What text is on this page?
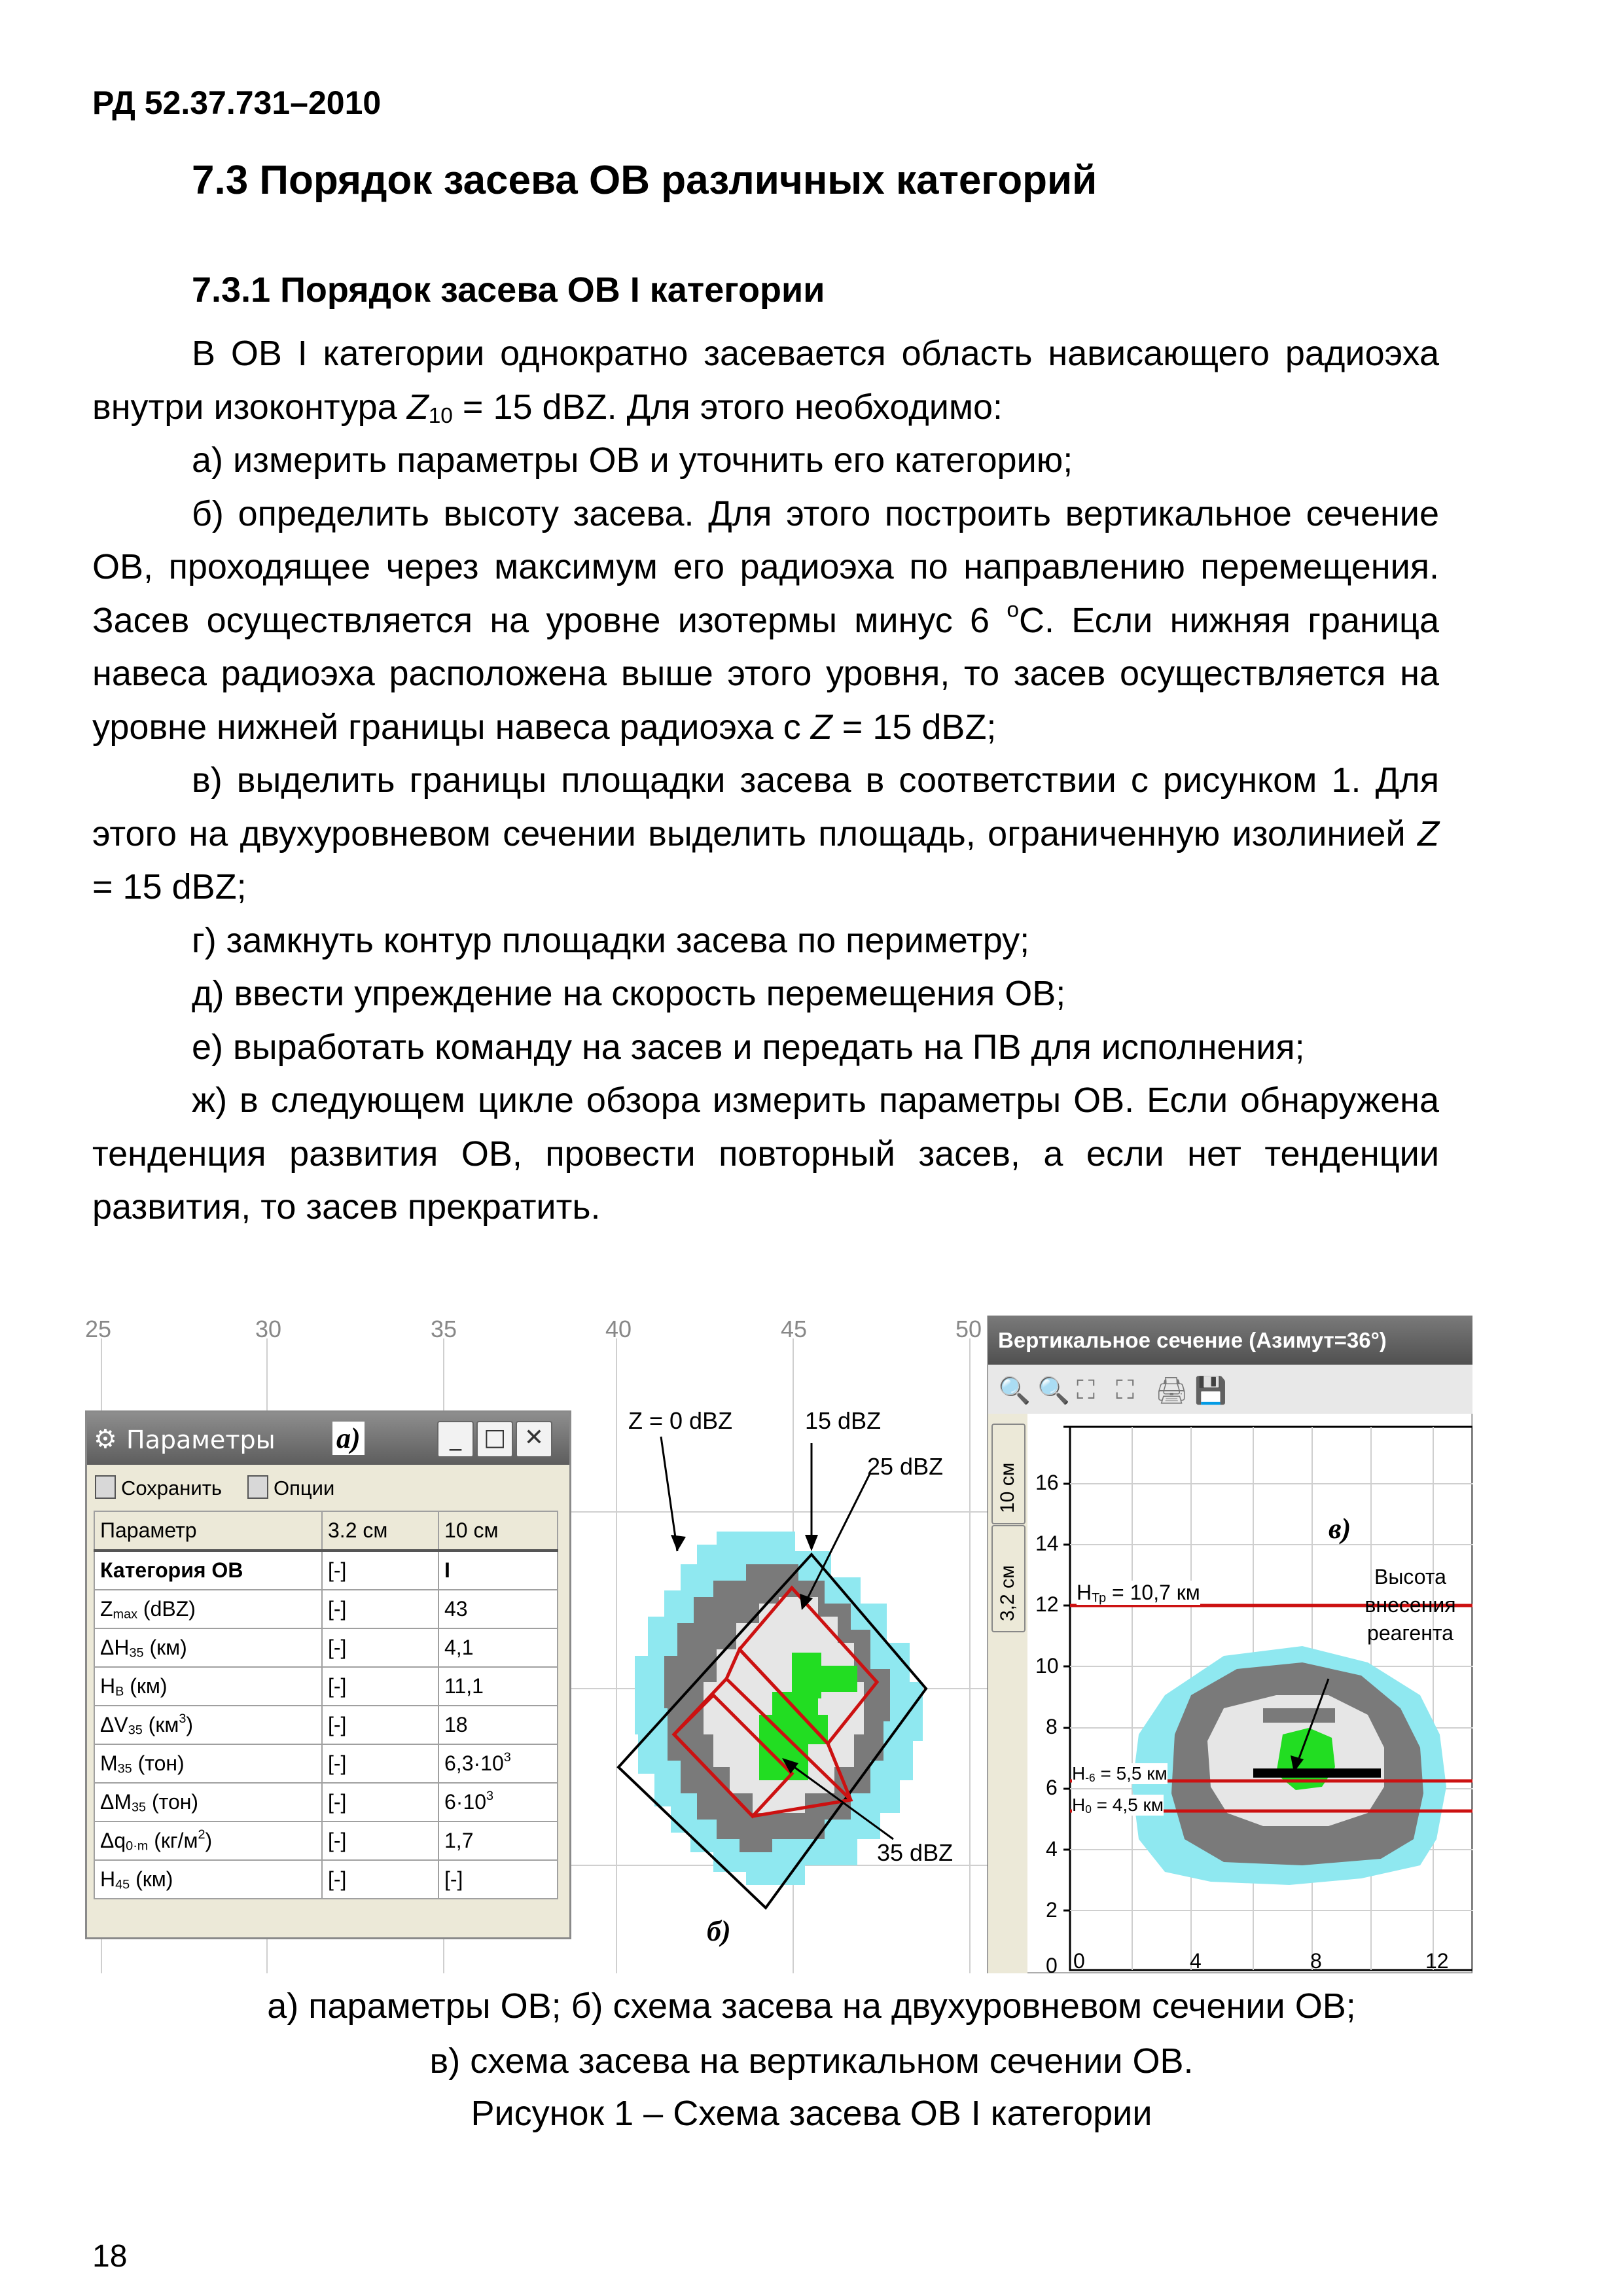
РД 52.37.731–2010
7.3 Порядок засева ОВ различных категорий
7.3.1 Порядок засева ОВ I категории

В ОВ I категории однократно засевается область нависающего радиоэха внутри изоконтура $Z_{10} = 15$ dBZ. Для этого необходимо:

а) измерить параметры ОВ и уточнить его категорию;

б) определить высоту засева. Для этого построить вертикальное сечение ОВ, проходящее через максимум его радиоэха по направлению перемещения. Засев осуществляется на уровне изотермы минус 6 $^o$С. Если нижняя граница навеса радиоэха расположена выше этого уровня, то засев осуществляется на уровне нижней границы навеса радиоэха с Z = 15 dBZ;

в) выделить границы площадки засева в соответствии с рисунком 1. Для этого на двухуровневом сечении выделить площадь, ограниченную изолинией Z = 15 dBZ;

г) замкнуть контур площадки засева по периметру;

д) ввести упреждение на скорость перемещения ОВ;

е) выработать команду на засев и передать на ПВ для исполнения;

ж) в следующем цикле обзора измерить параметры ОВ. Если обнаружена тенденция развития ОВ, провести повторный засев, а если нет тенденции развития, то засев прекратить.

25	30	35	40	45	50
⚙ Параметры а)	_ □ ✕
Сохранить	Опции
Параметр	3.2 см	10 см
Категория ОВ	[-]	I
$Z_{max}$ (dBZ)	[-]	43
$\Delta H_{35}$ (км)	[-]	4,1
$H_B$ (км)	[-]	11,1
$\Delta V_{35}$ $(км^3)$	[-]	18
$M_{35}$ (тон)	[-]	$6,3\cdot 10^3$
$\Delta M_{35}$ (тон)	[-]	$6\cdot 10^3$
$\Delta q_{0\cdot m}$ $(кг/м^2)$	[-]	1,7
$H_{45}$ (км)	[-]	[-]
Z = 0 dBZ	15 dBZ
25 dBZ
35 dBZ
б)
Вертикальное сечение (Азимут=36°)
🔍 🔍 ⛶ ⛶ 🖨 💾
10 см
3,2 см
в)
0
2
4
6
8
10
12
14
16
0	4	8	12
$H_{Тр} = 10,7$ км
$H_{-6} = 5,5$ км
$H_0 = 4,5$ км
Высота
внесения
реагента
а) параметры ОВ; б) схема засева на двухуровневом сечении ОВ;
в) схема засева на вертикальном сечении ОВ.
Рисунок 1 – Схема засева ОВ I категории
18
